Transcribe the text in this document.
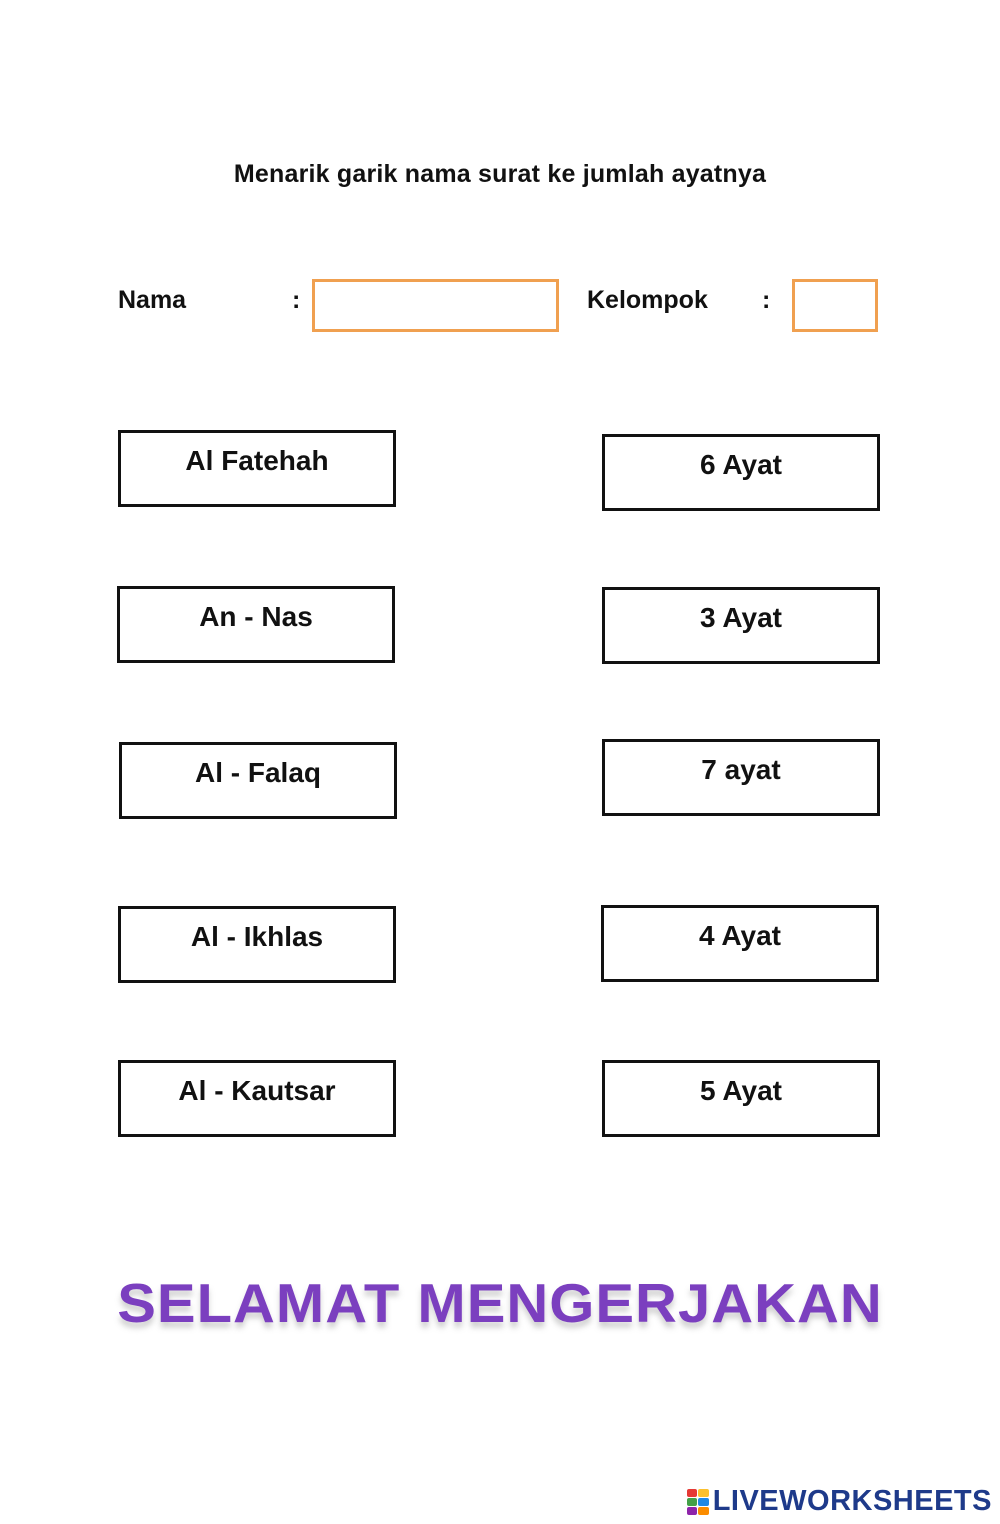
Menarik garik nama surat ke jumlah ayatnya
Nama	:	Kelompok :
Al Fatehah
An - Nas
Al - Falaq
Al - Ikhlas
Al - Kautsar
6 Ayat
3 Ayat
7 ayat
4 Ayat
5 Ayat
SELAMAT MENGERJAKAN
LIVEWORKSHEETS
